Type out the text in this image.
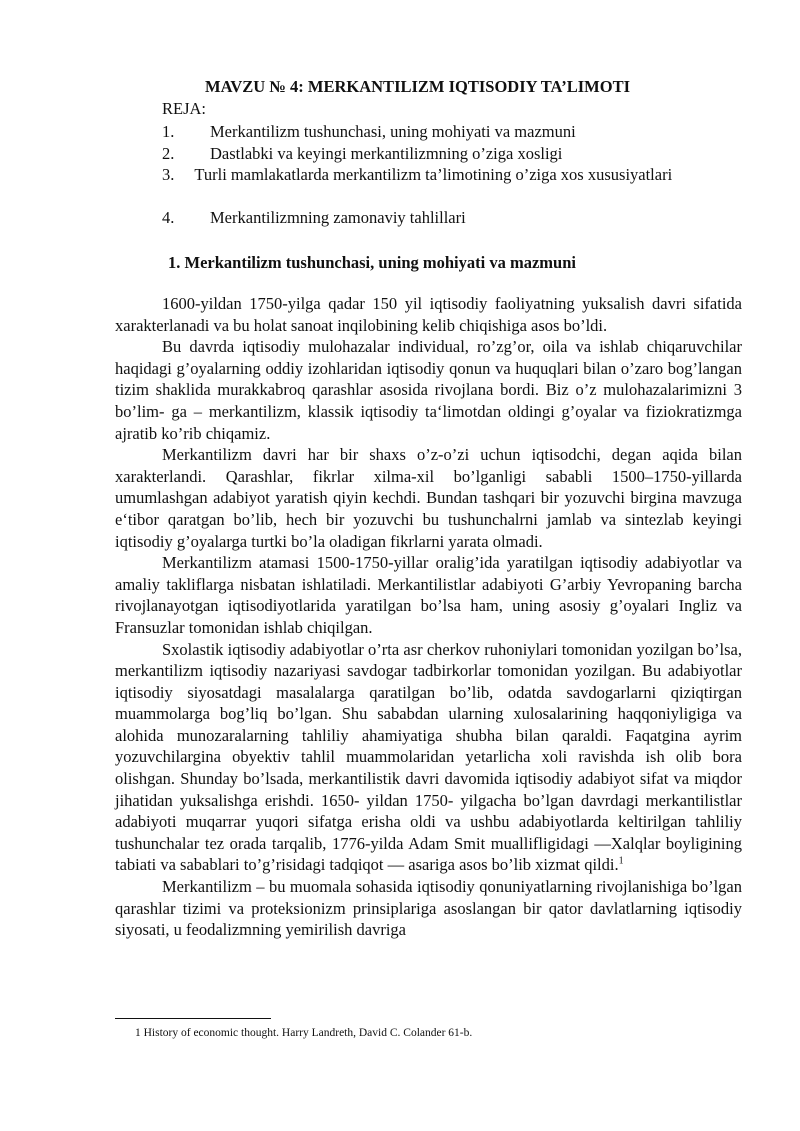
MAVZU № 4: MERKANTILIZM IQTISODIY TA’LIMOTI
REJA:
1. Merkantilizm tushunchasi, uning mohiyati va mazmuni
2. Dastlabki va keyingi merkantilizmning o’ziga xosligi
3. Turli mamlakatlarda merkantilizm ta’limotining o’ziga xos xususiyatlari
4. Merkantilizmning zamonaviy tahlillari
1. Merkantilizm tushunchasi, uning mohiyati va mazmuni

1600-yildan 1750-yilga qadar 150 yil iqtisodiy faoliyatning yuksalish davri sifatida xarakterlanadi va bu holat sanoat inqilobining kelib chiqishiga asos bo’ldi.

Bu davrda iqtisodiy mulohazalar individual, ro’zg’or, oila va ishlab chiqaruvchilar haqidagi g’oyalarning oddiy izohlaridan iqtisodiy qonun va huquqlari bilan o’zaro bog’langan tizim shaklida murakkabroq qarashlar asosida rivojlana bordi. Biz o’z mulohazalarimizni 3 bo’lim- ga – merkantilizm, klassik iqtisodiy ta‘limotdan oldingi g’oyalar va fiziokratizmga ajratib ko’rib chiqamiz.

Merkantilizm davri har bir shaxs o’z-o’zi uchun iqtisodchi, degan aqida bilan xarakterlandi. Qarashlar, fikrlar xilma-xil bo’lganligi sababli 1500–1750-yillarda umumlashgan adabiyot yaratish qiyin kechdi. Bundan tashqari bir yozuvchi birgina mavzuga e‘tibor qaratgan bo’lib, hech bir yozuvchi bu tushunchalrni jamlab va sintezlab keyingi iqtisodiy g’oyalarga turtki bo’la oladigan fikrlarni yarata olmadi.

Merkantilizm atamasi 1500-1750-yillar oralig’ida yaratilgan iqtisodiy adabiyotlar va amaliy takliflarga nisbatan ishlatiladi. Merkantilistlar adabiyoti G’arbiy Yevropaning barcha rivojlanayotgan iqtisodiyotlarida yaratilgan bo’lsa ham, uning asosiy g’oyalari Ingliz va Fransuzlar tomonidan ishlab chiqilgan.

Sxolastik iqtisodiy adabiyotlar o’rta asr cherkov ruhoniylari tomonidan yozilgan bo’lsa, merkantilizm iqtisodiy nazariyasi savdogar tadbirkorlar tomonidan yozilgan. Bu adabiyotlar iqtisodiy siyosatdagi masalalarga qaratilgan bo’lib, odatda savdogarlarni qiziqtirgan muammolarga bog’liq bo’lgan. Shu sababdan ularning xulosalarining haqqoniyligiga va alohida munozaralarning tahliliy ahamiyatiga shubha bilan qaraldi. Faqatgina ayrim yozuvchilargina obyektiv tahlil muammolaridan yetarlicha xoli ravishda ish olib bora olishgan. Shunday bo’lsada, merkantilistik davri davomida iqtisodiy adabiyot sifat va miqdor jihatidan yuksalishga erishdi. 1650- yildan 1750- yilgacha bo’lgan davrdagi merkantilistlar adabiyoti muqarrar yuqori sifatga erisha oldi va ushbu adabiyotlarda keltirilgan tahliliy tushunchalar tez orada tarqalib, 1776-yilda Adam Smit muallifligidagi ―Xalqlar boyligining tabiati va sabablari to’g’risidagi tadqiqot ― asariga asos bo’lib xizmat qildi.$^1$

Merkantilizm – bu muomala sohasida iqtisodiy qonuniyatlarning rivojlanishiga bo’lgan qarashlar tizimi va proteksionizm prinsiplariga asoslangan bir qator davlatlarning iqtisodiy siyosati, u feodalizmning yemirilish davriga

1 History of economic thought. Harry Landreth, David C. Colander 61-b.
